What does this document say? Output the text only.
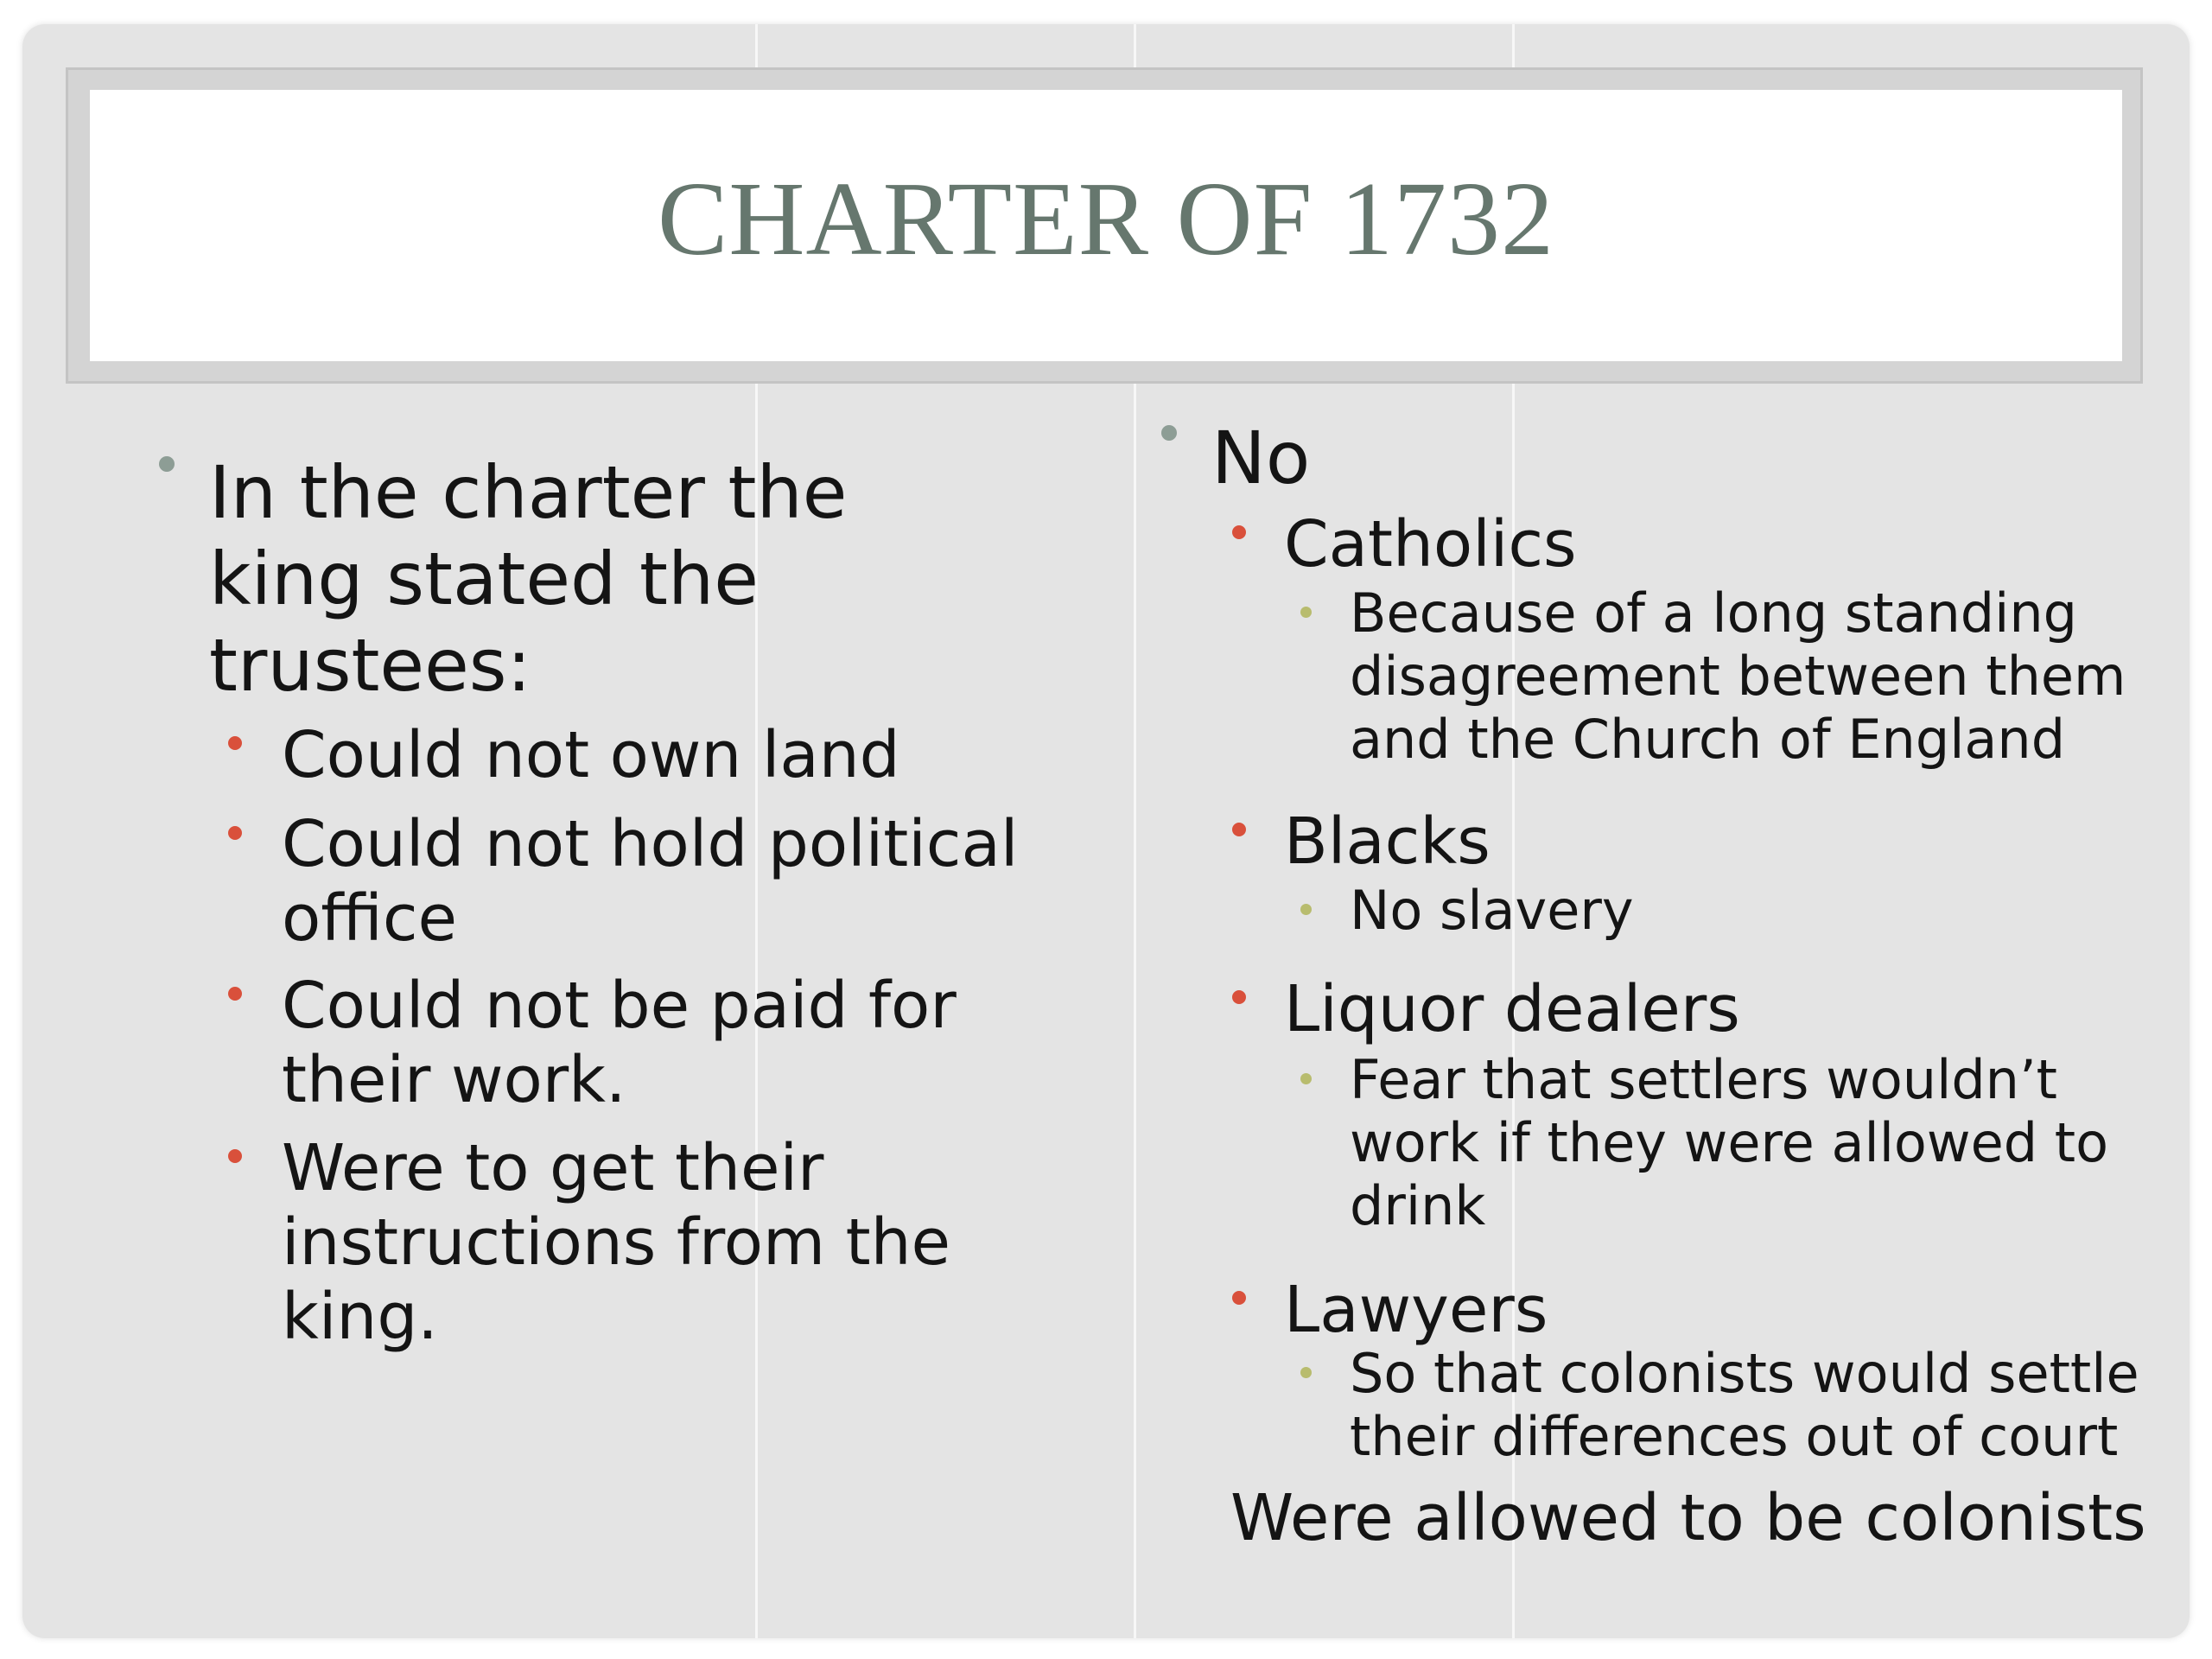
CHARTER OF 1732

In the charter the

king stated the

trustees:

Could not own land

Could not hold political

office

Could not be paid for

their work.

Were to get their

instructions from the

king.

No

Catholics

Because of a long standing

disagreement between them

and the Church of England

Blacks

No slavery

Liquor dealers

Fear that settlers wouldn’t

work if they were allowed to

drink

Lawyers

So that colonists would settle

their differences out of court

Were allowed to be colonists
